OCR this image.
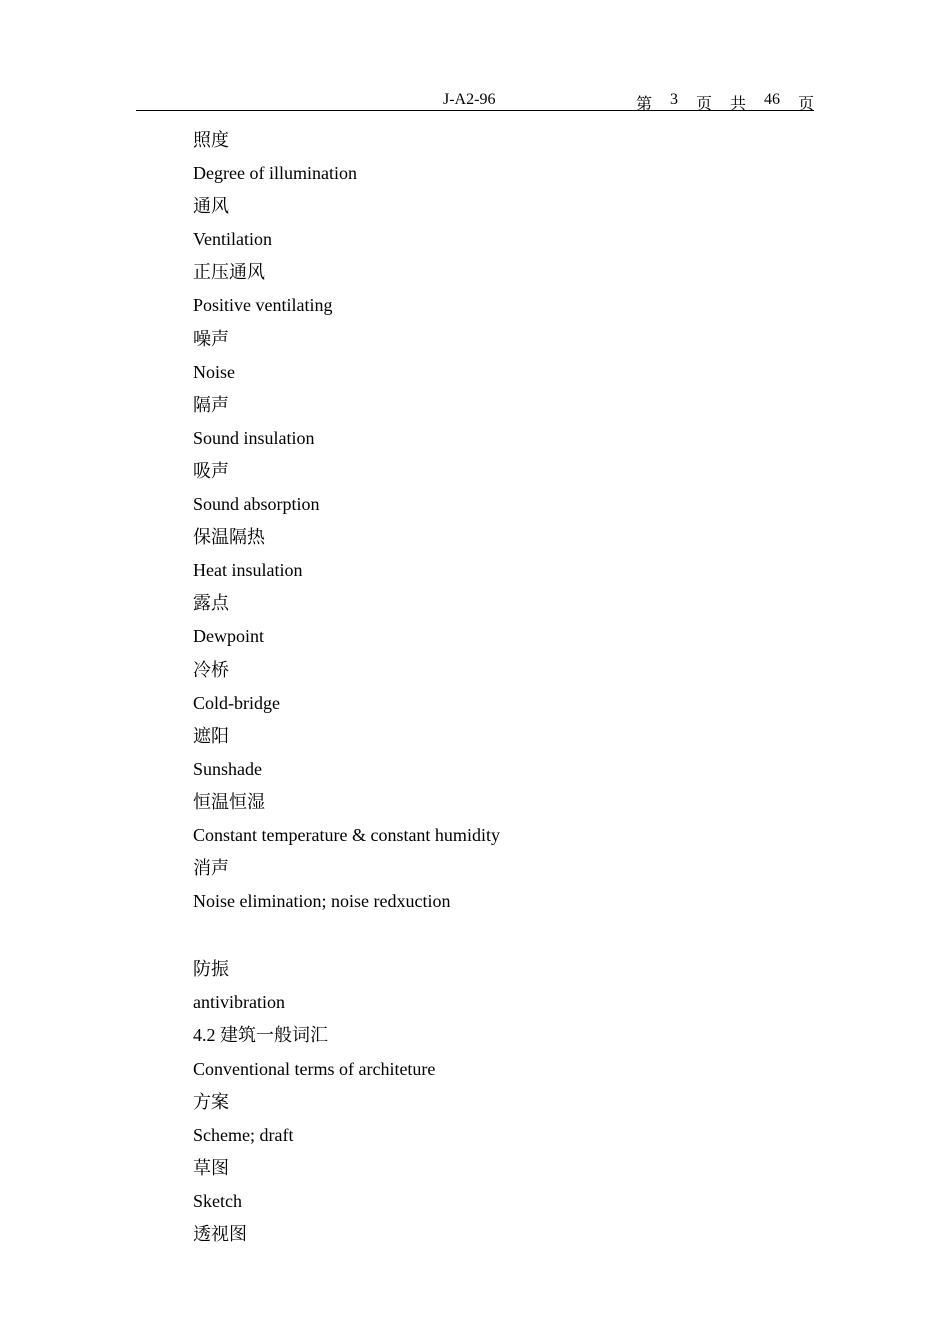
J-A2-96	第	3	页	共	46	页
照度
Degree of illumination
通风
Ventilation
正压通风
Positive ventilating
噪声
Noise
隔声
Sound insulation
吸声
Sound absorption
保温隔热
Heat insulation
露点
Dewpoint
冷桥
Cold-bridge
遮阳
Sunshade
恒温恒湿
Constant temperature & constant humidity
消声
Noise elimination; noise redxuction
防振
antivibration
4.2 建筑一般词汇
Conventional terms of architeture
方案
Scheme; draft
草图
Sketch
透视图
